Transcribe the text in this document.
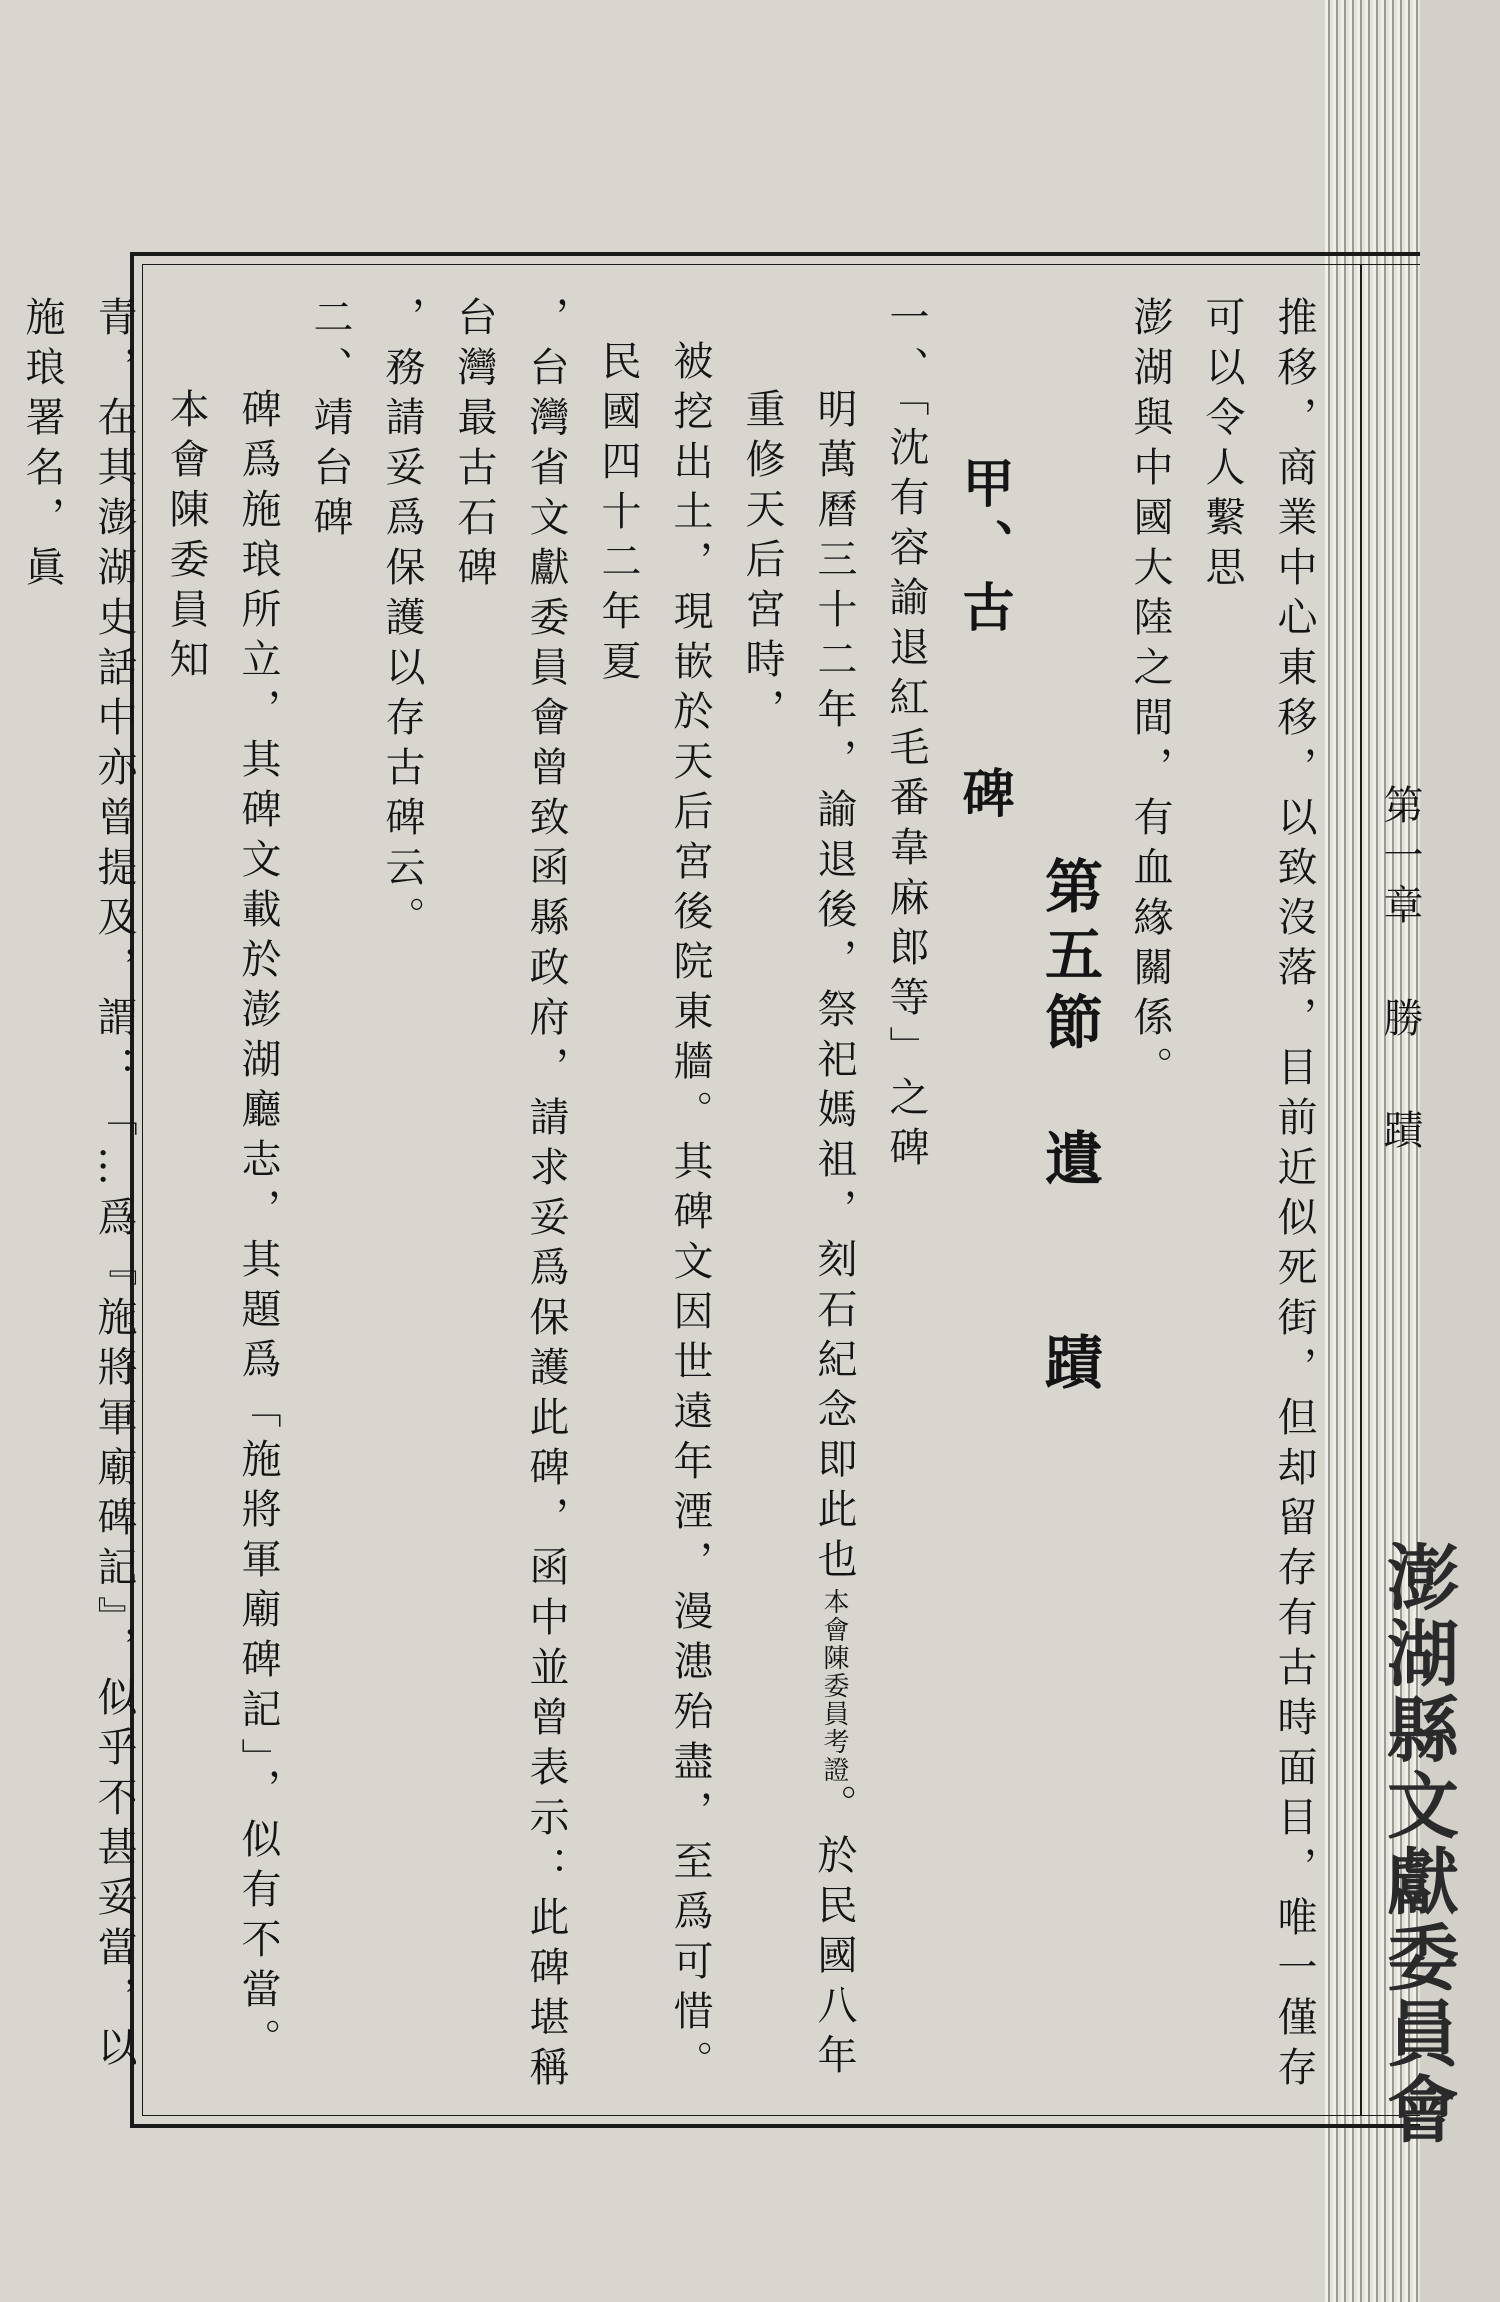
第一章 勝 蹟
澎湖縣文獻委員會

推移，商業中心東移，以致沒落，目前近似死街，但却留存有古時面目，唯一僅存可以令人繫思

澎湖與中國大陸之間，有血緣關係。

第五節　遺　　蹟

甲、古　　碑

一、「沈有容諭退紅毛番韋麻郎等」之碑

明萬曆三十二年，諭退後，祭祀媽祖，刻石紀念即此也本會陳委員考證。於民國八年重修天后宮時，

被挖出土，現嵌於天后宮後院東牆。其碑文因世遠年湮，漫漶殆盡，至爲可惜。民國四十二年夏

，台灣省文獻委員會曾致函縣政府，請求妥爲保護此碑，函中並曾表示：此碑堪稱台灣最古石碑

，務請妥爲保護以存古碑云。

二、靖台碑

碑爲施琅所立，其碑文載於澎湖廳志，其題爲「施將軍廟碑記」，似有不當。本會陳委員知

青，在其澎湖史話中亦曾提及，謂：「…爲『施將軍廟碑記』，似乎不甚妥當，以施琅署名，眞
